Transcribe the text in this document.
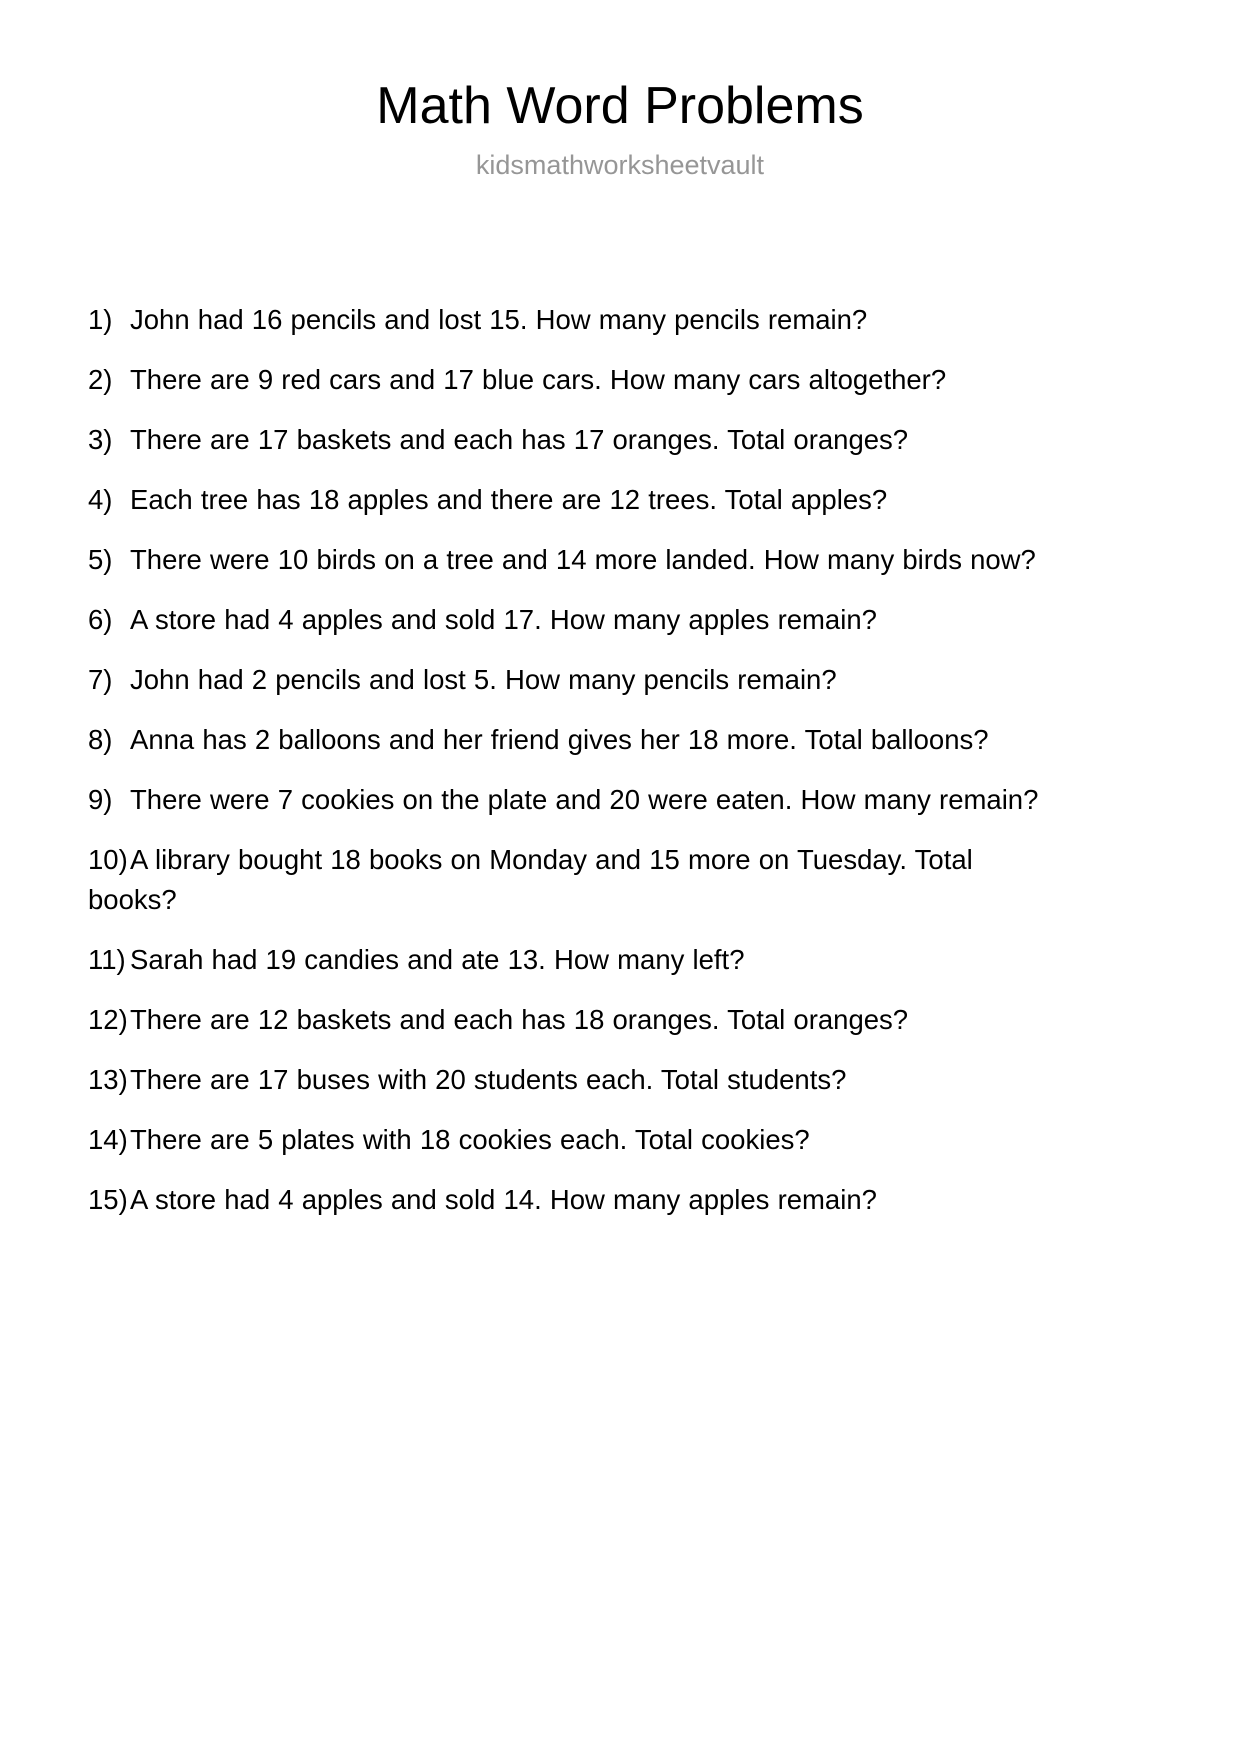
Math Word Problems
kidsmathworksheetvault
1) John had 16 pencils and lost 15. How many pencils remain?
2) There are 9 red cars and 17 blue cars. How many cars altogether?
3) There are 17 baskets and each has 17 oranges. Total oranges?
4) Each tree has 18 apples and there are 12 trees. Total apples?
5) There were 10 birds on a tree and 14 more landed. How many birds now?
6) A store had 4 apples and sold 17. How many apples remain?
7) John had 2 pencils and lost 5. How many pencils remain?
8) Anna has 2 balloons and her friend gives her 18 more. Total balloons?
9) There were 7 cookies on the plate and 20 were eaten. How many remain?
10)A library bought 18 books on Monday and 15 more on Tuesday. Total books?
11) Sarah had 19 candies and ate 13. How many left?
12)There are 12 baskets and each has 18 oranges. Total oranges?
13)There are 17 buses with 20 students each. Total students?
14)There are 5 plates with 18 cookies each. Total cookies?
15)A store had 4 apples and sold 14. How many apples remain?
